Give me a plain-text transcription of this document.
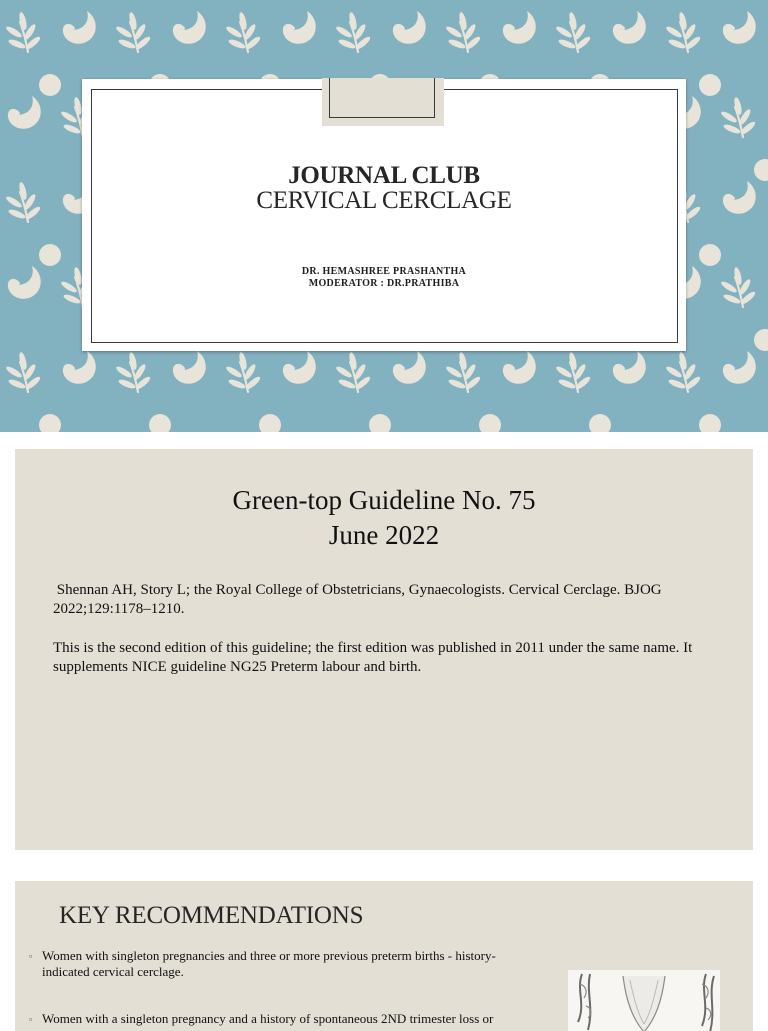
JOURNAL CLUB
CERVICAL CERCLAGE
DR. HEMASHREE PRASHANTHA
MODERATOR : DR.PRATHIBA
Green-top Guideline No. 75
June 2022

Shennan AH, Story L; the Royal College of Obstetricians, Gynaecologists. Cervical Cerclage. BJOG 2022;129:1178–1210.

This is the second edition of this guideline; the first edition was published in 2011 under the same name. It supplements NICE guideline NG25 Preterm labour and birth.

KEY RECOMMENDATIONS
▫ Women with singleton pregnancies and three or more previous preterm births - history-indicated cervical cerclage.
▫ Women with a singleton pregnancy and a history of spontaneous 2ND trimester loss or
